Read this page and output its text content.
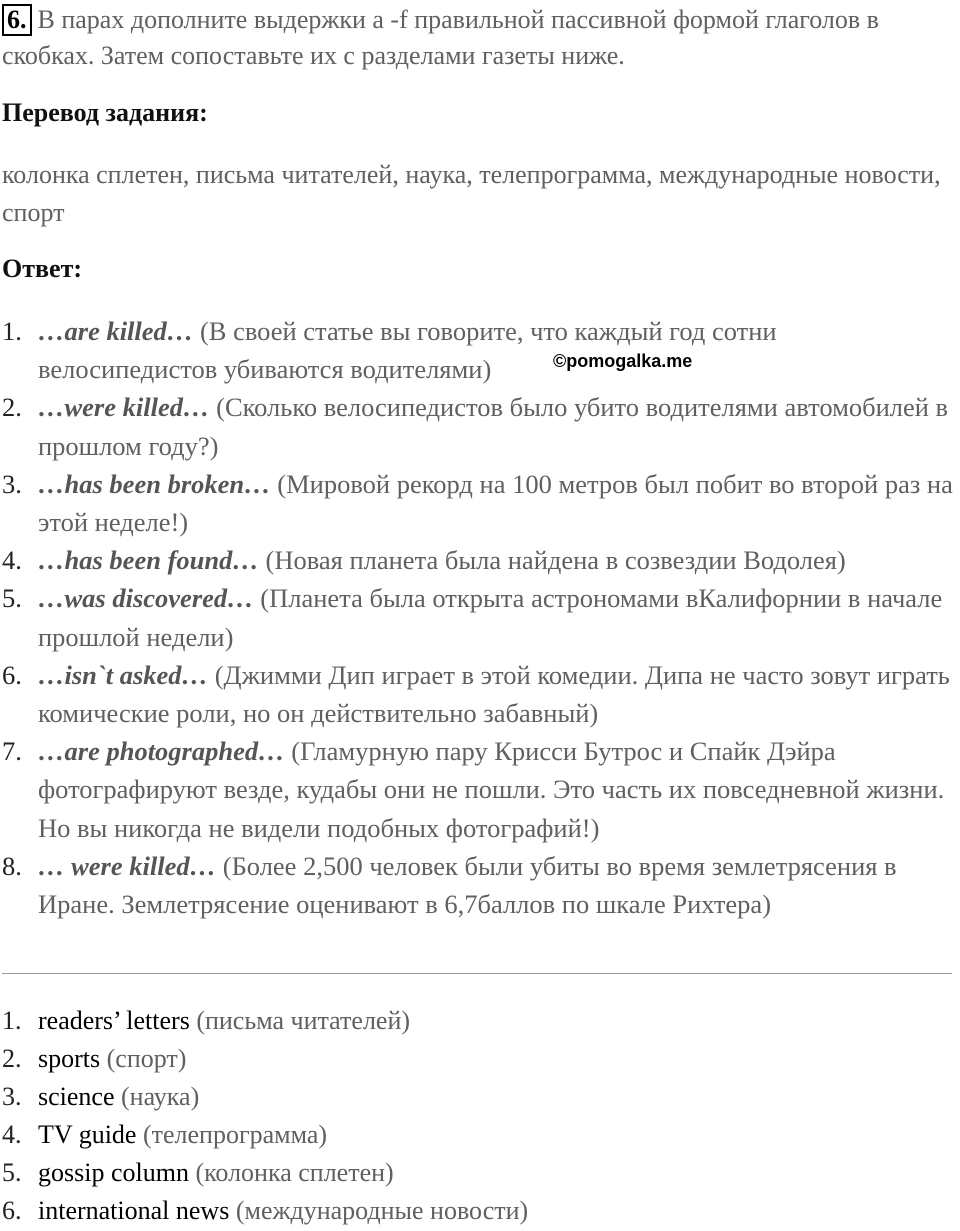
6. В парах дополните выдержки a -f правильной пассивной формой глаголов в скобках. Затем сопоставьте их с разделами газеты ниже.
Перевод задания:
колонка сплетен, письма читателей, наука, телепрограмма, международные новости, спорт
Ответ:
1. …are killed… (В своей статье вы говорите, что каждый год сотни велосипедистов убиваются водителями)
2. …were killed… (Сколько велосипедистов было убито водителями автомобилей в прошлом году?)
3. …has been broken… (Мировой рекорд на 100 метров был побит во второй раз на этой неделе!)
4. …has been found… (Новая планета была найдена в созвездии Водолея)
5. …was discovered… (Планета была открыта астрономами вКалифорнии в начале прошлой недели)
6. …isn`t asked… (Джимми Дип играет в этой комедии. Дипа не часто зовут играть комические роли, но он действительно забавный)
7. …are photographed… (Гламурную пару Крисси Бутрос и Спайк Дэйра фотографируют везде, кудабы они не пошли. Это часть их повседневной жизни. Но вы никогда не видели подобных фотографий!)
8. … were killed… (Более 2,500 человек были убиты во время землетрясения в Иране. Землетрясение оценивают в 6,7баллов по шкале Рихтера)
©pomogalka.me
1. readers’ letters (письма читателей)
2. sports (спорт)
3. science (наука)
4. TV guide (телепрограмма)
5. gossip column (колонка сплетен)
6. international news (международные новости)
